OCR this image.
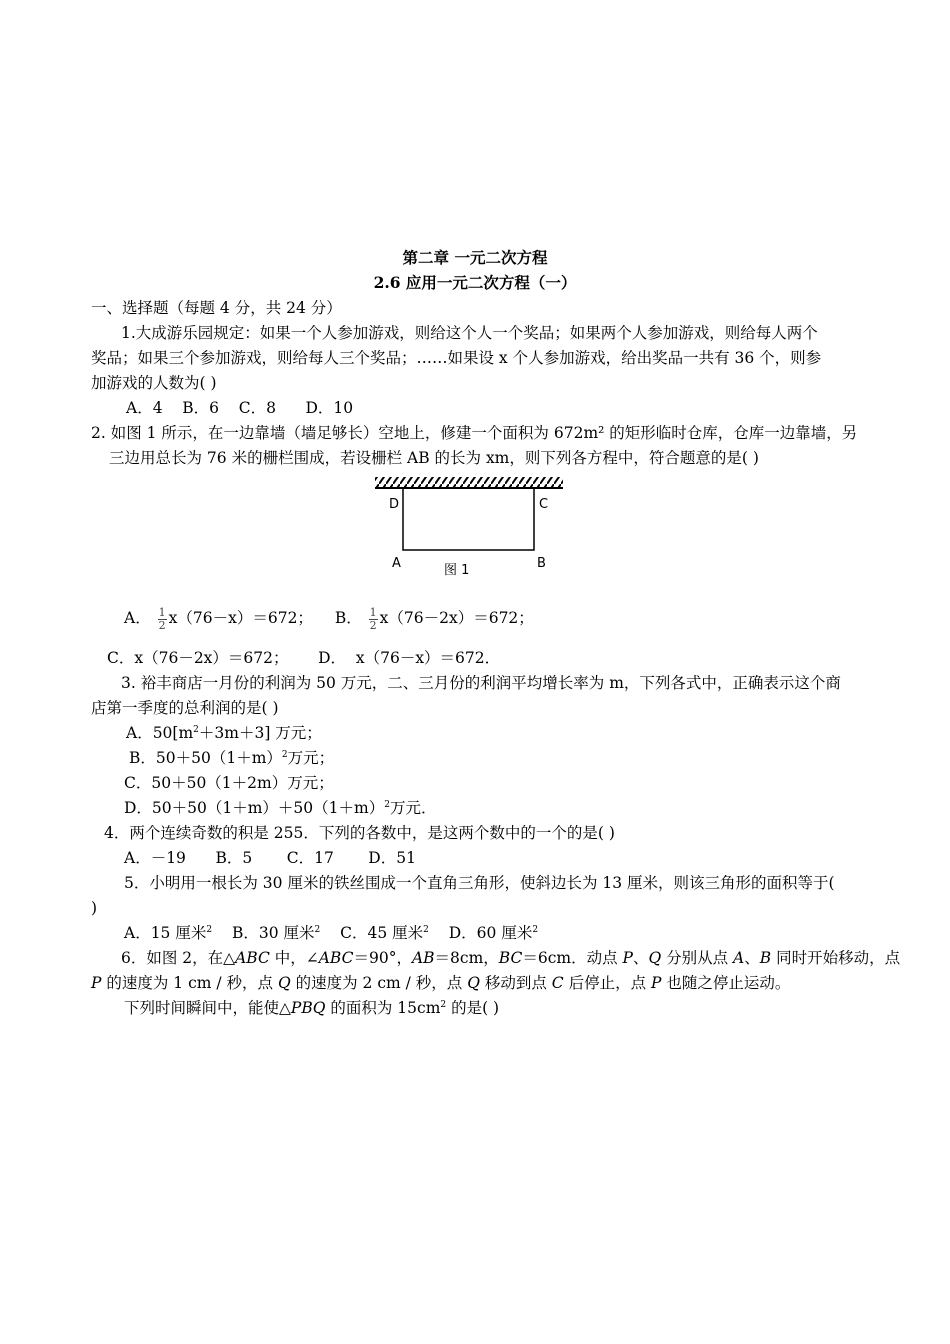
第二章 一元二次方程
2.6 应用一元二次方程（一）
一、选择题（每题 4 分，共 24 分）
1.大成游乐园规定：如果一个人参加游戏，则给这个人一个奖品；如果两个人参加游戏，则给每人两个
奖品；如果三个参加游戏，则给每人三个奖品；……如果设 x 个人参加游戏，给出奖品一共有 36 个，则参
加游戏的人数为( )
A．4    B．6    C．8      D．10
2. 如图 1 所示，在一边靠墙（墙足够长）空地上，修建一个面积为 672m² 的矩形临时仓库，仓库一边靠墙，另
三边用总长为 76 米的栅栏围成，若设栅栏 AB 的长为 xm，则下列各方程中，符合题意的是( )
D	C
A	B
图 1
A． $\frac{1}{2} x(76-x)=672$； B． $\frac{1}{2} x(76-2x)=672$；
C．x（76－2x）＝672；      D．  x（76－x）＝672．
3. 裕丰商店一月份的利润为 50 万元，二、三月份的利润平均增长率为 m，下列各式中，正确表示这个商
店第一季度的总利润的是( )
A．$50[m^2+3m+3]$ 万元；
B．$50+50(1+m)^2$万元；
C．50＋50（1＋2m）万元；
D．$50+50(1+m)+50(1+m)^2$万元．
4．两个连续奇数的积是 255．下列的各数中，是这两个数中的一个的是( )
A．－19      B．5       C．17       D．51
5．小明用一根长为 30 厘米的铁丝围成一个直角三角形，使斜边长为 13 厘米，则该三角形的面积等于(
)
A．15 厘米$^2$ B．30 厘米$^2$ C．45 厘米$^2$ D．60 厘米$^2$
6．如图 2，在△ABC 中，∠ABC＝90°，AB＝8cm，BC＝6cm．动点 P、Q 分别从点 A、B 同时开始移动，点
P 的速度为 1 cm / 秒，点 Q 的速度为 2 cm / 秒，点 Q 移动到点 C 后停止，点 P 也随之停止运动。
下列时间瞬间中，能使△PBQ 的面积为 $15cm^2$ 的是( )
